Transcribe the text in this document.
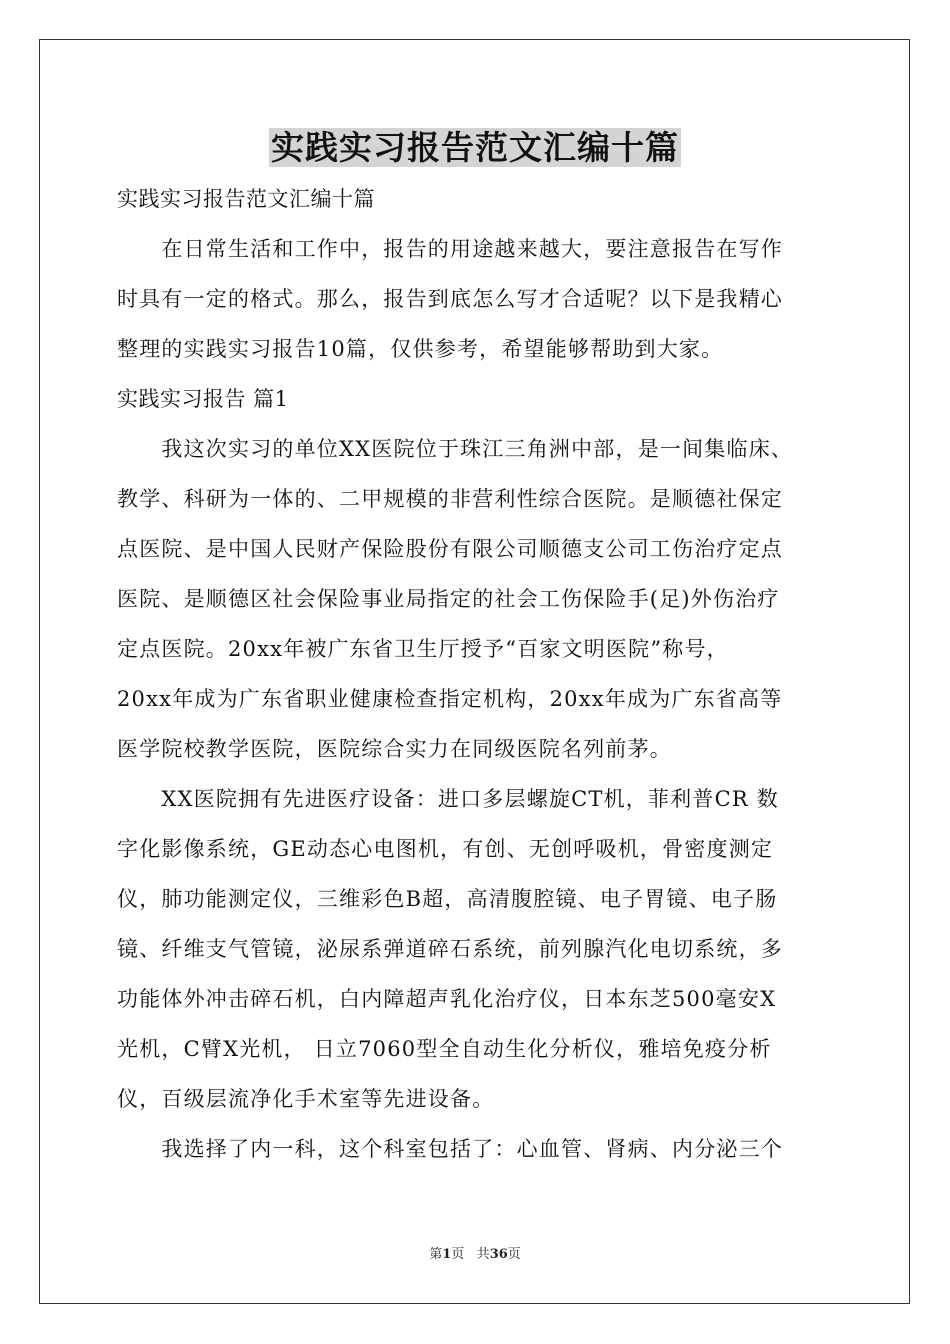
实践实习报告范文汇编十篇
实践实习报告范文汇编十篇
　　在日常生活和工作中，报告的用途越来越大，要注意报告在写作
时具有一定的格式。那么，报告到底怎么写才合适呢？以下是我精心
整理的实践实习报告10篇，仅供参考，希望能够帮助到大家。
实践实习报告 篇1
　　我这次实习的单位XX医院位于珠江三角洲中部，是一间集临床、
教学、科研为一体的、二甲规模的非营利性综合医院。是顺德社保定
点医院、是中国人民财产保险股份有限公司顺德支公司工伤治疗定点
医院、是顺德区社会保险事业局指定的社会工伤保险手(足)外伤治疗
定点医院。20xx年被广东省卫生厅授予“百家文明医院”称号，
20xx年成为广东省职业健康检查指定机构，20xx年成为广东省高等
医学院校教学医院，医院综合实力在同级医院名列前茅。
　　XX医院拥有先进医疗设备：进口多层螺旋CT机，菲利普CR 数
字化影像系统，GE动态心电图机，有创、无创呼吸机，骨密度测定
仪，肺功能测定仪，三维彩色B超，高清腹腔镜、电子胃镜、电子肠
镜、纤维支气管镜，泌尿系弹道碎石系统，前列腺汽化电切系统，多
功能体外冲击碎石机，白内障超声乳化治疗仪，日本东芝500毫安X
光机，C臂X光机， 日立7060型全自动生化分析仪，雅培免疫分析
仪，百级层流净化手术室等先进设备。
　　我选择了内一科，这个科室包括了：心血管、肾病、内分泌三个
第1页 共36页
